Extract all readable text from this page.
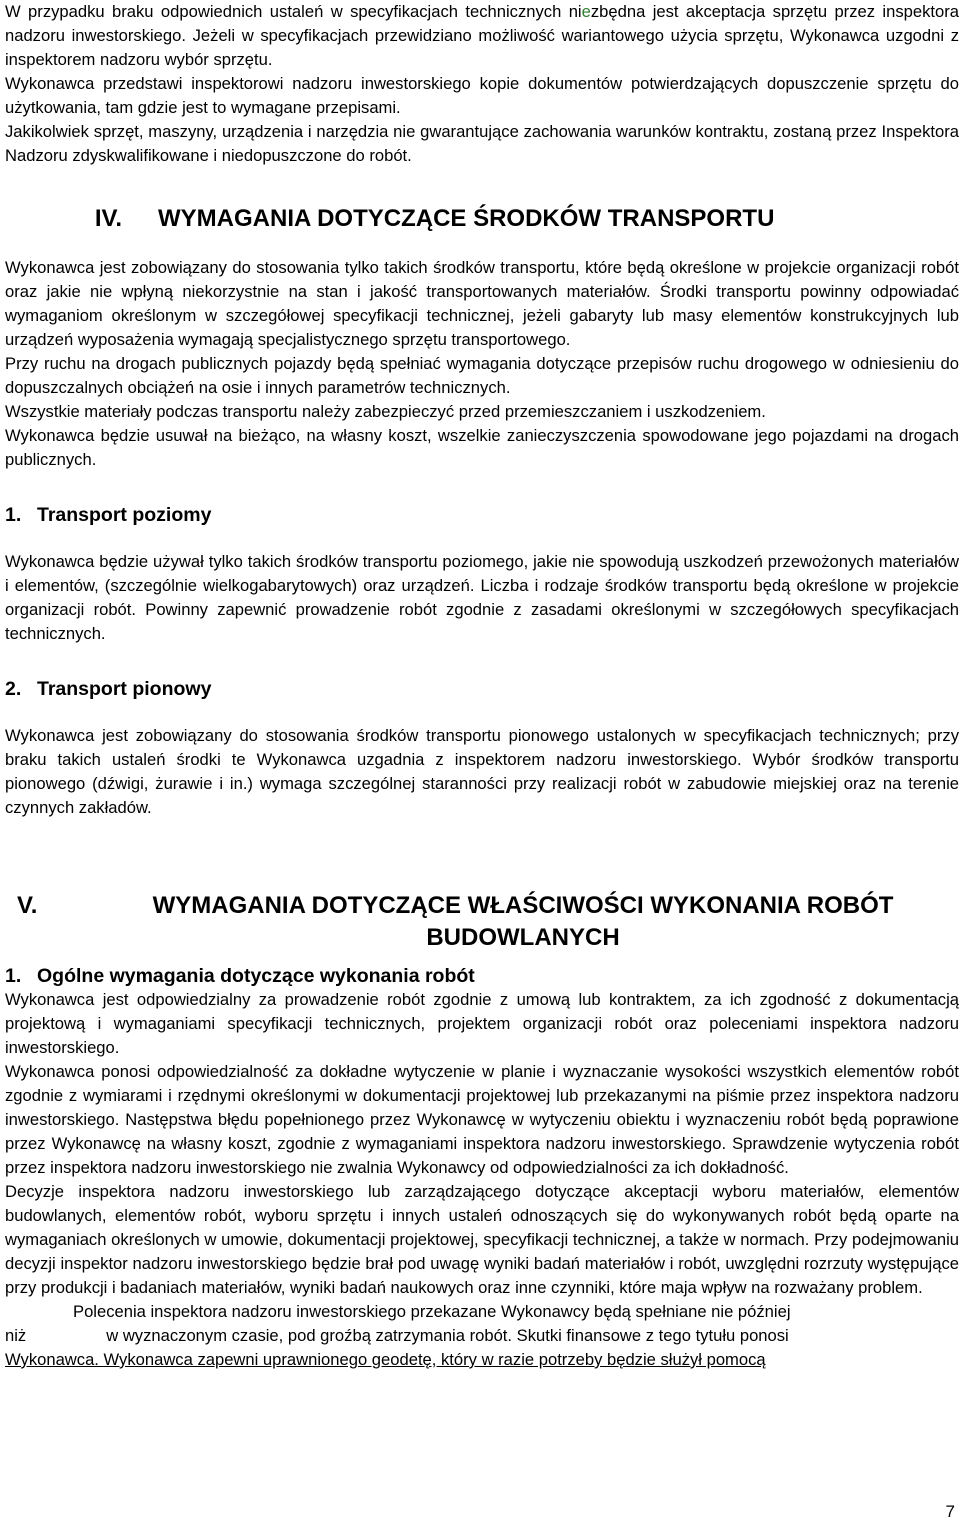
W przypadku braku odpowiednich ustaleń w specyfikacjach technicznych niezbędna jest akceptacja sprzętu przez inspektora nadzoru inwestorskiego. Jeżeli w specyfikacjach przewidziano możliwość wariantowego użycia sprzętu, Wykonawca uzgodni z inspektorem nadzoru wybór sprzętu.

Wykonawca przedstawi inspektorowi nadzoru inwestorskiego kopie dokumentów potwierdzających dopuszczenie sprzętu do użytkowania, tam gdzie jest to wymagane przepisami.

Jakikolwiek sprzęt, maszyny, urządzenia i narzędzia nie gwarantujące zachowania warunków kontraktu, zostaną przez Inspektora Nadzoru zdyskwalifikowane i niedopuszczone do robót.

IV. WYMAGANIA DOTYCZĄCE ŚRODKÓW TRANSPORTU

Wykonawca jest zobowiązany do stosowania tylko takich środków transportu, które będą określone w projekcie organizacji robót oraz jakie nie wpłyną niekorzystnie na stan i jakość transportowanych materiałów. Środki transportu powinny odpowiadać wymaganiom określonym w szczegółowej specyfikacji technicznej, jeżeli gabaryty lub masy elementów konstrukcyjnych lub urządzeń wyposażenia wymagają specjalistycznego sprzętu transportowego.

Przy ruchu na drogach publicznych pojazdy będą spełniać wymagania dotyczące przepisów ruchu drogowego w odniesieniu do dopuszczalnych obciążeń na osie i innych parametrów technicznych.

Wszystkie materiały podczas transportu należy zabezpieczyć przed przemieszczaniem i uszkodzeniem.

Wykonawca będzie usuwał na bieżąco, na własny koszt, wszelkie zanieczyszczenia spowodowane jego pojazdami na drogach publicznych.

1. Transport poziomy

Wykonawca będzie używał tylko takich środków transportu poziomego, jakie nie spowodują uszkodzeń przewożonych materiałów i elementów, (szczególnie wielkogabarytowych) oraz urządzeń. Liczba i rodzaje środków transportu będą określone w projekcie organizacji robót. Powinny zapewnić prowadzenie robót zgodnie z zasadami określonymi w szczegółowych specyfikacjach technicznych.

2. Transport pionowy

Wykonawca jest zobowiązany do stosowania środków transportu pionowego ustalonych w specyfikacjach technicznych; przy braku takich ustaleń środki te Wykonawca uzgadnia z inspektorem nadzoru inwestorskiego. Wybór środków transportu pionowego (dźwigi, żurawie i in.) wymaga szczególnej staranności przy realizacji robót w zabudowie miejskiej oraz na terenie czynnych zakładów.

V.	WYMAGANIA DOTYCZĄCE WŁAŚCIWOŚCI WYKONANIA ROBÓT BUDOWLANYCH
1. Ogólne wymagania dotyczące wykonania robót

Wykonawca jest odpowiedzialny za prowadzenie robót zgodnie z umową lub kontraktem, za ich zgodność z dokumentacją projektową i wymaganiami specyfikacji technicznych, projektem organizacji robót oraz poleceniami inspektora nadzoru inwestorskiego.

Wykonawca ponosi odpowiedzialność za dokładne wytyczenie w planie i wyznaczanie wysokości wszystkich elementów robót zgodnie z wymiarami i rzędnymi określonymi w dokumentacji projektowej lub przekazanymi na piśmie przez inspektora nadzoru inwestorskiego. Następstwa błędu popełnionego przez Wykonawcę w wytyczeniu obiektu i wyznaczeniu robót będą poprawione przez Wykonawcę na własny koszt, zgodnie z wymaganiami inspektora nadzoru inwestorskiego. Sprawdzenie wytyczenia robót przez inspektora nadzoru inwestorskiego nie zwalnia Wykonawcy od odpowiedzialności za ich dokładność.

Decyzje inspektora nadzoru inwestorskiego lub zarządzającego dotyczące akceptacji wyboru materiałów, elementów budowlanych, elementów robót, wyboru sprzętu i innych ustaleń odnoszących się do wykonywanych robót będą oparte na wymaganiach określonych w umowie, dokumentacji projektowej, specyfikacji technicznej, a także w normach. Przy podejmowaniu decyzji inspektor nadzoru inwestorskiego będzie brał pod uwagę wyniki badań materiałów i robót, uwzględni rozrzuty występujące przy produkcji i badaniach materiałów, wyniki badań naukowych oraz inne czynniki, które maja wpływ na rozważany problem.

Polecenia inspektora nadzoru inwestorskiego przekazane Wykonawcy będą spełniane nie później
niż	w wyznaczonym czasie, pod groźbą zatrzymania robót. Skutki finansowe z tego tytułu ponosi
Wykonawca. Wykonawca zapewni uprawnionego geodetę, który w razie potrzeby będzie służył pomocą

7
